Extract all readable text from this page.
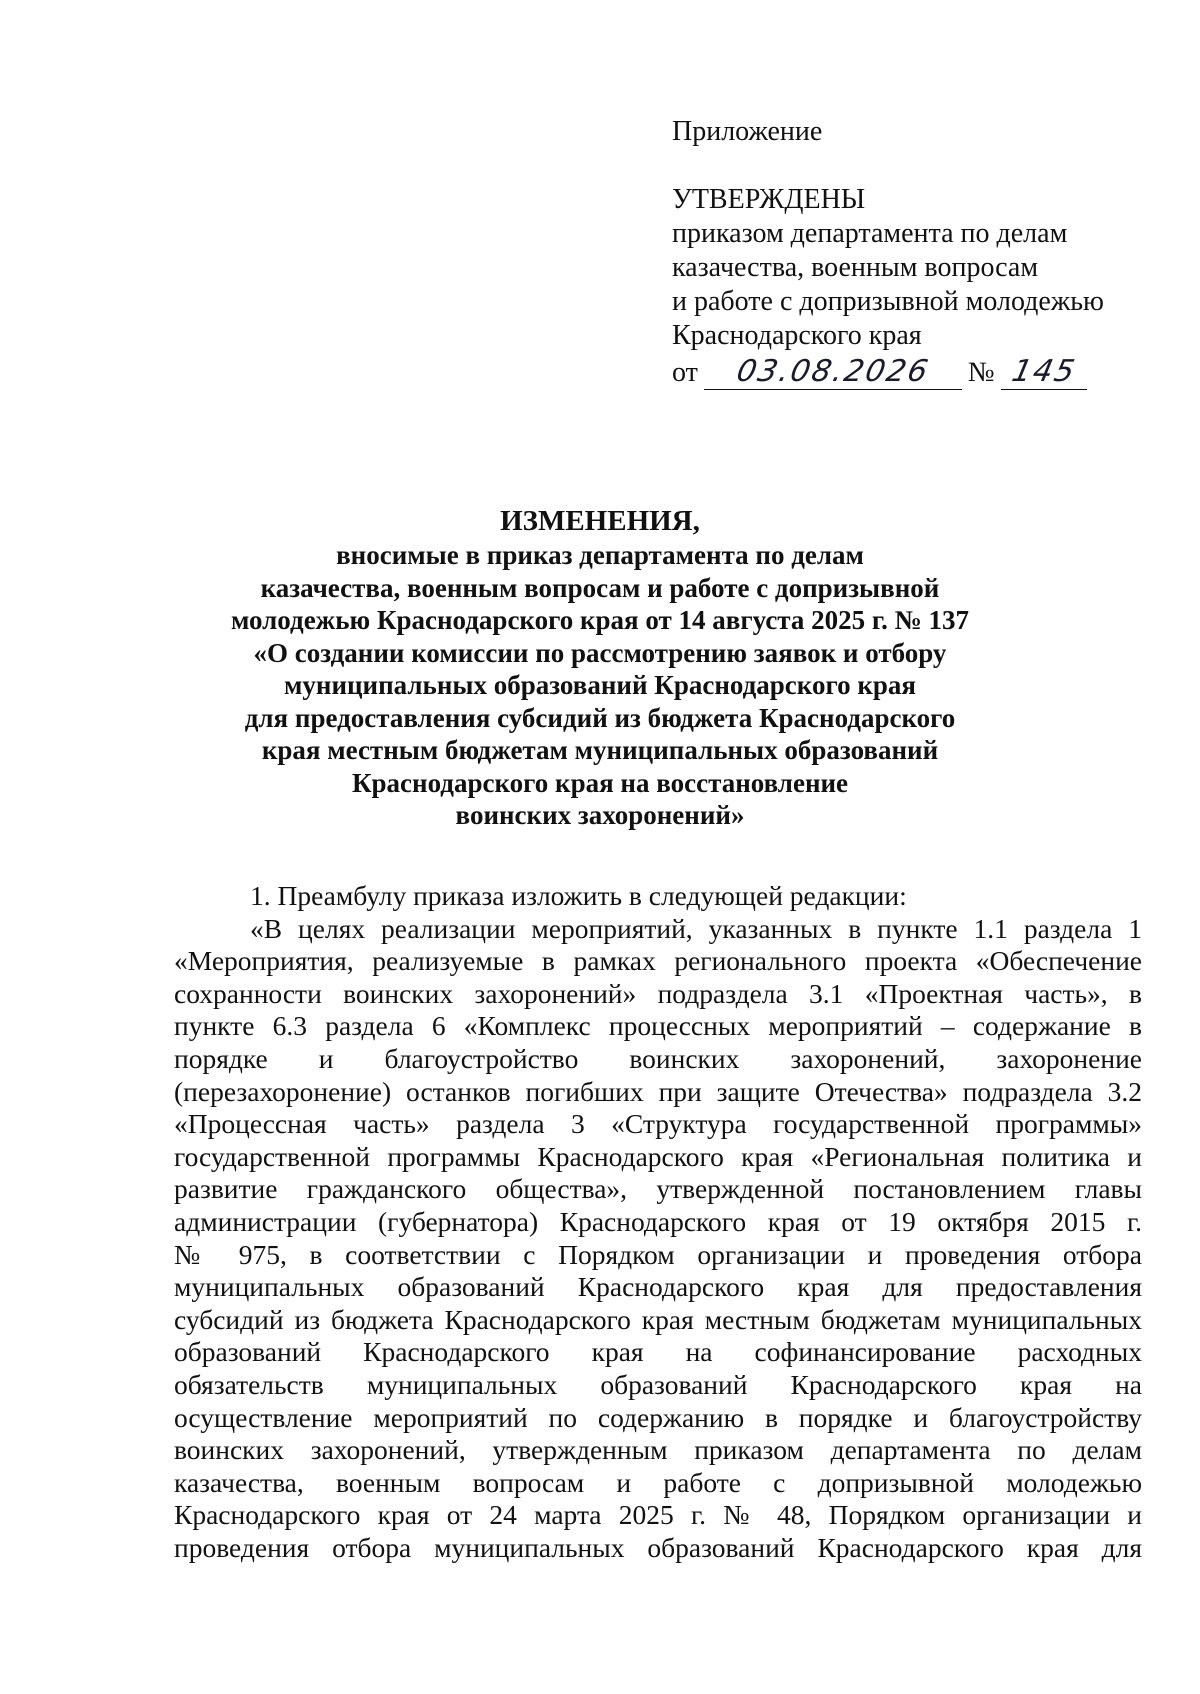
Приложение
УТВЕРЖДЕНЫ
приказом департамента по делам
казачества, военным вопросам
и работе с допризывной молодежью
Краснодарского края
от	03.08.2026	№ 145
ИЗМЕНЕНИЯ,
вносимые в приказ департамента по делам
казачества, военным вопросам и работе с допризывной
молодежью Краснодарского края от 14 августа 2025 г. № 137
«О создании комиссии по рассмотрению заявок и отбору
муниципальных образований Краснодарского края
для предоставления субсидий из бюджета Краснодарского
края местным бюджетам муниципальных образований
Краснодарского края на восстановление
воинских захоронений»
1. Преамбулу приказа изложить в следующей редакции:
«В целях реализации мероприятий, указанных в пункте 1.1 раздела 1
«Мероприятия, реализуемые в рамках регионального проекта «Обеспечение
сохранности воинских захоронений» подраздела 3.1 «Проектная часть», в
пункте 6.3 раздела 6 «Комплекс процессных мероприятий – содержание в
порядке и благоустройство воинских захоронений, захоронение
(перезахоронение) останков погибших при защите Отечества» подраздела 3.2
«Процессная часть» раздела 3 «Структура государственной программы»
государственной программы Краснодарского края «Региональная политика и
развитие гражданского общества», утвержденной постановлением главы
администрации (губернатора) Краснодарского края от 19 октября 2015 г.
№ 975, в соответствии с Порядком организации и проведения отбора
муниципальных образований Краснодарского края для предоставления
субсидий из бюджета Краснодарского края местным бюджетам муниципальных
образований Краснодарского края на софинансирование расходных
обязательств муниципальных образований Краснодарского края на
осуществление мероприятий по содержанию в порядке и благоустройству
воинских захоронений, утвержденным приказом департамента по делам
казачества, военным вопросам и работе с допризывной молодежью
Краснодарского края от 24 марта 2025 г. № 48, Порядком организации и
проведения отбора муниципальных образований Краснодарского края для
